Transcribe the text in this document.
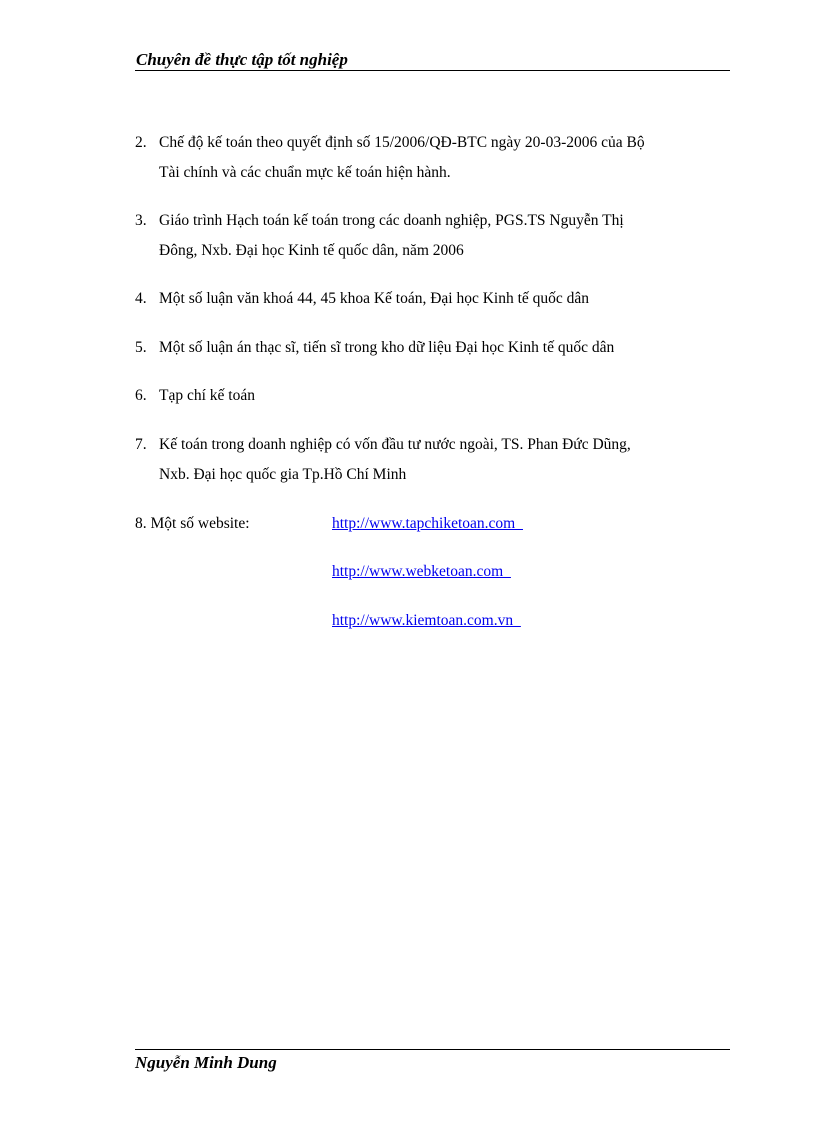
Chuyên đề thực tập tốt nghiệp
2. Chế độ kế toán theo quyết định số 15/2006/QĐ-BTC ngày 20-03-2006 của Bộ
Tài chính và các chuẩn mực kế toán hiện hành.
3. Giáo trình Hạch toán kế toán trong các doanh nghiệp, PGS.TS Nguyễn Thị
Đông, Nxb. Đại học Kinh tế quốc dân, năm 2006
4. Một số luận văn khoá 44, 45 khoa Kế toán, Đại học Kinh tế quốc dân
5. Một số luận án thạc sĩ, tiến sĩ trong kho dữ liệu Đại học Kinh tế quốc dân
6. Tạp chí kế toán
7. Kế toán trong doanh nghiệp có vốn đầu tư nước ngoài, TS. Phan Đức Dũng,
Nxb. Đại học quốc gia Tp.Hồ Chí Minh
8. Một số website:	http://www.tapchiketoan.com
http://www.webketoan.com
http://www.kiemtoan.com.vn
Nguyễn Minh Dung
